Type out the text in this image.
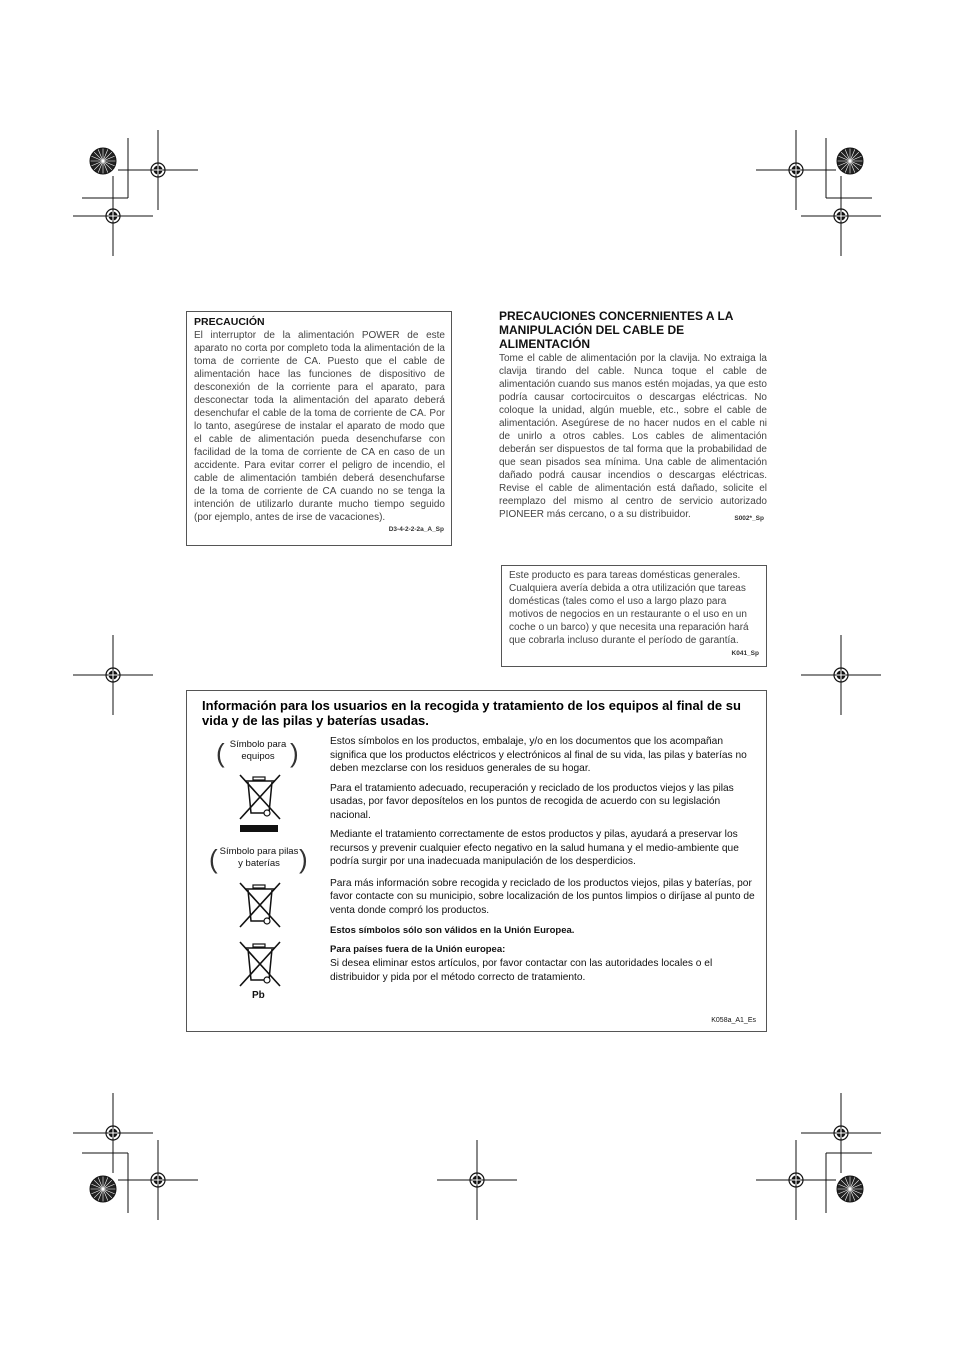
PRECAUCIÓN
El interruptor de la alimentación POWER de este aparato no corta por completo toda la alimentación de la toma de corriente de CA. Puesto que el cable de alimentación hace las funciones de dispositivo de desconexión de la corriente para el aparato, para desconectar toda la alimentación del aparato deberá desenchufar el cable de la toma de corriente de CA. Por lo tanto, asegúrese de instalar el aparato de modo que el cable de alimentación pueda desenchufarse con facilidad de la toma de corriente de CA en caso de un accidente. Para evitar correr el peligro de incendio, el cable de alimentación también deberá desenchufarse de la toma de corriente de CA cuando no se tenga la intención de utilizarlo durante mucho tiempo seguido (por ejemplo, antes de irse de vacaciones).
D3-4-2-2-2a_A_Sp
PRECAUCIONES CONCERNIENTES A LA MANIPULACIÓN DEL CABLE DE ALIMENTACIÓN
Tome el cable de alimentación por la clavija. No extraiga la clavija tirando del cable. Nunca toque el cable de alimentación cuando sus manos estén mojadas, ya que esto podría causar cortocircuitos o descargas eléctricas. No coloque la unidad, algún mueble, etc., sobre el cable de alimentación. Asegúrese de no hacer nudos en el cable ni de unirlo a otros cables. Los cables de alimentación deberán ser dispuestos de tal forma que la probabilidad de que sean pisados sea mínima. Una cable de alimentación dañado podrá causar incendios o descargas eléctricas. Revise el cable de alimentación está dañado, solicite el reemplazo del mismo al centro de servicio autorizado PIONEER más cercano, o a su distribuidor.	S002*_Sp
Este producto es para tareas domésticas generales. Cualquiera avería debida a otra utilización que tareas domésticas (tales como el uso a largo plazo para motivos de negocios en un restaurante o el uso en un coche o un barco) y que necesita una reparación hará que cobrarla incluso durante el período de garantía.
K041_Sp
Información para los usuarios en la recogida y tratamiento de los equipos al final de su vida y de las pilas y baterías usadas.
( Símbolo para equipos )
( Símbolo para pilas y baterías )
Pb

Estos símbolos en los productos, embalaje, y/o en los documentos que los acompañan significa que los productos eléctricos y electrónicos al final de su vida, las pilas y baterías no deben mezclarse con los residuos generales de su hogar.

Para el tratamiento adecuado, recuperación y reciclado de los productos viejos y las pilas usadas, por favor deposítelos en los puntos de recogida de acuerdo con su legislación nacional.

Mediante el tratamiento correctamente de estos productos y pilas, ayudará a preservar los recursos y prevenir cualquier efecto negativo en la salud humana y el medio-ambiente que podría surgir por una inadecuada manipulación de los desperdicios.

Para más información sobre recogida y reciclado de los productos viejos, pilas y baterías, por favor contacte con su municipio, sobre localización de los puntos limpios o diríjase al punto de venta donde compró los productos.

Estos símbolos sólo son válidos en la Unión Europea.

Para países fuera de la Unión europea:

Si desea eliminar estos artículos, por favor contactar con las autoridades locales o el distribuidor y pida por el método correcto de tratamiento.

K058a_A1_Es
